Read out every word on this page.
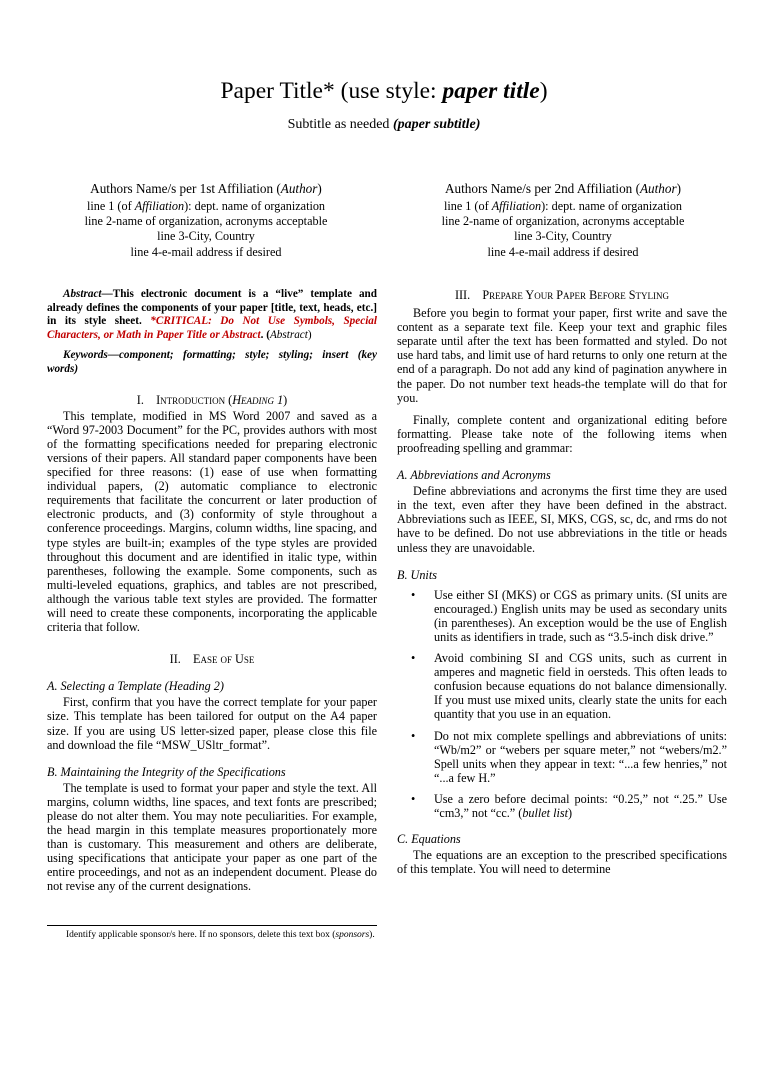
Paper Title* (use style: paper title)
Subtitle as needed (paper subtitle)
Authors Name/s per 1st Affiliation (Author)
line 1 (of Affiliation): dept. name of organization
line 2-name of organization, acronyms acceptable
line 3-City, Country
line 4-e-mail address if desired
Authors Name/s per 2nd Affiliation (Author)
line 1 (of Affiliation): dept. name of organization
line 2-name of organization, acronyms acceptable
line 3-City, Country
line 4-e-mail address if desired

Abstract—This electronic document is a “live” template and already defines the components of your paper [title, text, heads, etc.] in its style sheet. *CRITICAL: Do Not Use Symbols, Special Characters, or Math in Paper Title or Abstract. (Abstract)

Keywords—component; formatting; style; styling; insert (key words)

I. Introduction (Heading 1)

This template, modified in MS Word 2007 and saved as a “Word 97-2003 Document” for the PC, provides authors with most of the formatting specifications needed for preparing electronic versions of their papers. All standard paper components have been specified for three reasons: (1) ease of use when formatting individual papers, (2) automatic compliance to electronic requirements that facilitate the concurrent or later production of electronic products, and (3) conformity of style throughout a conference proceedings. Margins, column widths, line spacing, and type styles are built-in; examples of the type styles are provided throughout this document and are identified in italic type, within parentheses, following the example. Some components, such as multi-leveled equations, graphics, and tables are not prescribed, although the various table text styles are provided. The formatter will need to create these components, incorporating the applicable criteria that follow.

II. Ease of Use

A. Selecting a Template (Heading 2)

First, confirm that you have the correct template for your paper size. This template has been tailored for output on the A4 paper size. If you are using US letter-sized paper, please close this file and download the file “MSW_USltr_format”.

B. Maintaining the Integrity of the Specifications

The template is used to format your paper and style the text. All margins, column widths, line spaces, and text fonts are prescribed; please do not alter them. You may note peculiarities. For example, the head margin in this template measures proportionately more than is customary. This measurement and others are deliberate, using specifications that anticipate your paper as one part of the entire proceedings, and not as an independent document. Please do not revise any of the current designations.

III. Prepare Your Paper Before Styling

Before you begin to format your paper, first write and save the content as a separate text file. Keep your text and graphic files separate until after the text has been formatted and styled. Do not use hard tabs, and limit use of hard returns to only one return at the end of a paragraph. Do not add any kind of pagination anywhere in the paper. Do not number text heads-the template will do that for you.

Finally, complete content and organizational editing before formatting. Please take note of the following items when proofreading spelling and grammar:

A. Abbreviations and Acronyms

Define abbreviations and acronyms the first time they are used in the text, even after they have been defined in the abstract. Abbreviations such as IEEE, SI, MKS, CGS, sc, dc, and rms do not have to be defined. Do not use abbreviations in the title or heads unless they are unavoidable.

B. Units

• Use either SI (MKS) or CGS as primary units. (SI units are encouraged.) English units may be used as secondary units (in parentheses). An exception would be the use of English units as identifiers in trade, such as “3.5-inch disk drive.”
• Avoid combining SI and CGS units, such as current in amperes and magnetic field in oersteds. This often leads to confusion because equations do not balance dimensionally. If you must use mixed units, clearly state the units for each quantity that you use in an equation.
• Do not mix complete spellings and abbreviations of units: “Wb/m2” or “webers per square meter,” not “webers/m2.” Spell units when they appear in text: “...a few henries,” not “...a few H.”
• Use a zero before decimal points: “0.25,” not “.25.” Use “cm3,” not “cc.” (bullet list)

C. Equations

The equations are an exception to the prescribed specifications of this template. You will need to determine

Identify applicable sponsor/s here. If no sponsors, delete this text box (sponsors).
